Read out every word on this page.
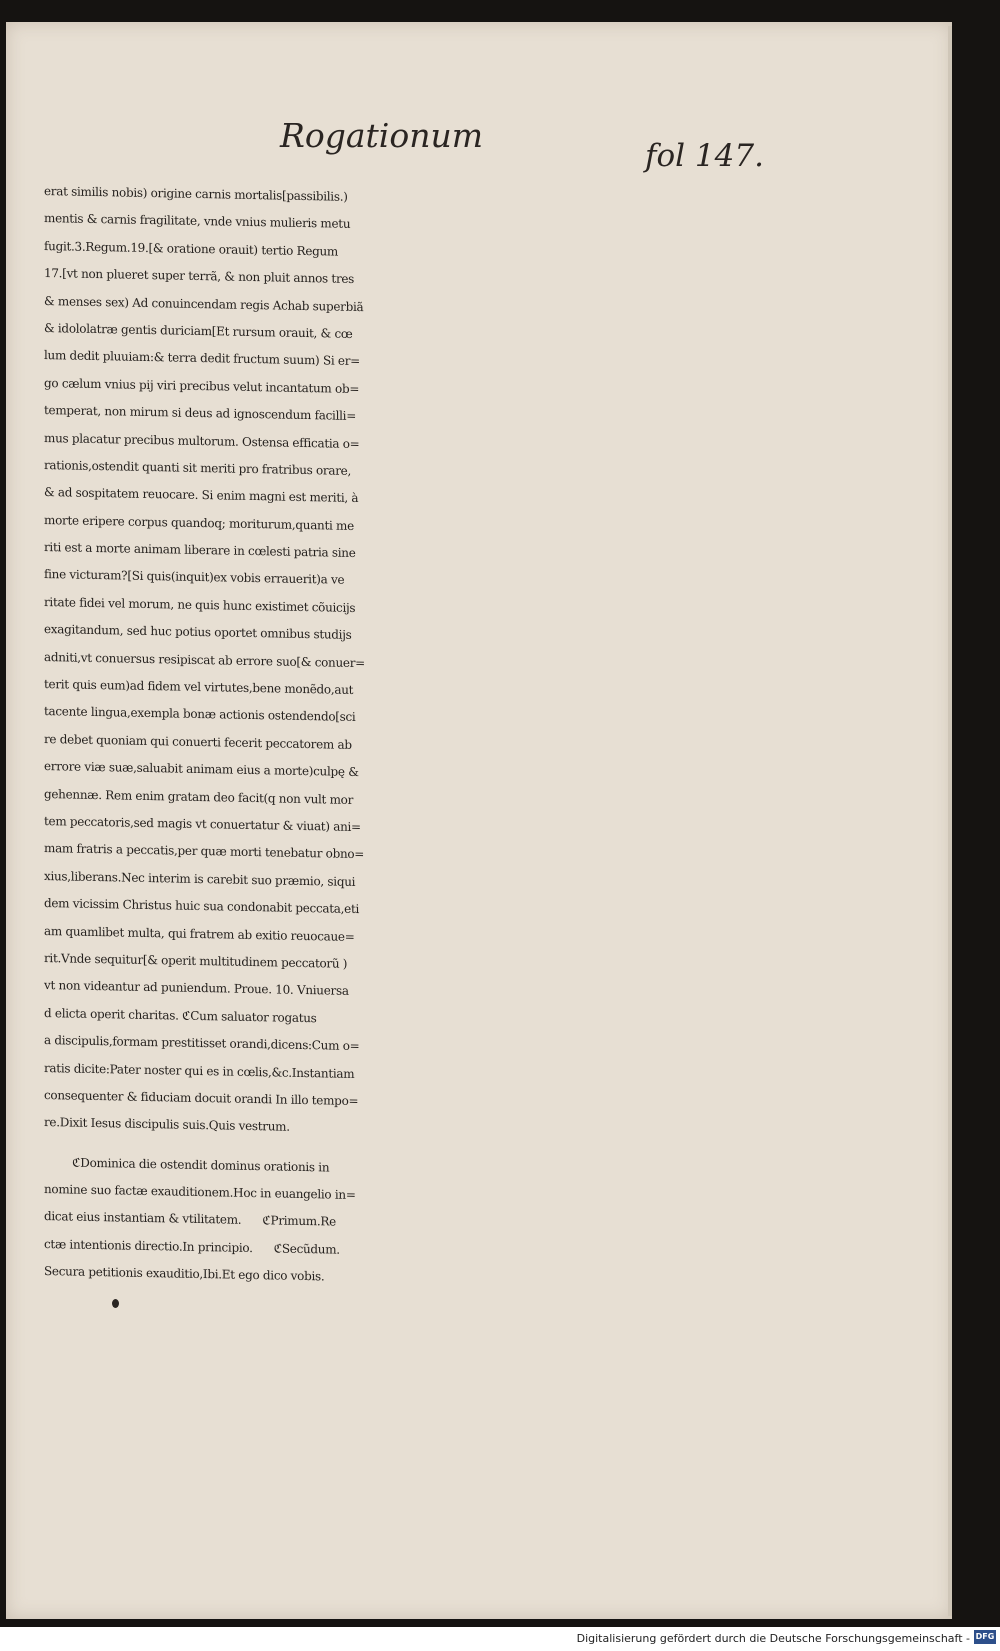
Rogationum
fol 147.
erat similis nobis) origine carnis mortalis[passibilis.)
mentis & carnis fragilitate, vnde vnius mulieris metu
fugit.3.Regum.19.[& oratione orauit) tertio Regum
17.[vt non plueret super terrã, & non pluit annos tres
& menses sex) Ad conuincendam regis Achab superbiã
& idololatræ gentis duriciam[Et rursum orauit, & cœ
lum dedit pluuiam:& terra dedit fructum suum) Si er=
go cælum vnius pij viri precibus velut incantatum ob=
temperat, non mirum si deus ad ignoscendum facilli=
mus placatur precibus multorum. Ostensa efficatia o=
rationis,ostendit quanti sit meriti pro fratribus orare,
& ad sospitatem reuocare. Si enim magni est meriti, à
morte eripere corpus quandoq; moriturum,quanti me
riti est a morte animam liberare in cœlesti patria sine
fine victuram?[Si quis(inquit)ex vobis errauerit)a ve
ritate fidei vel morum, ne quis hunc existimet cõuicijs
exagitandum, sed huc potius oportet omnibus studijs
adniti,vt conuersus resipiscat ab errore suo[& conuer=
terit quis eum)ad fidem vel virtutes,bene monẽdo,aut
tacente lingua,exempla bonæ actionis ostendendo[sci
re debet quoniam qui conuerti fecerit peccatorem ab
errore viæ suæ,saluabit animam eius a morte)culpę &
gehennæ. Rem enim gratam deo facit(q non vult mor
tem peccatoris,sed magis vt conuertatur & viuat) ani=
mam fratris a peccatis,per quæ morti tenebatur obno=
xius,liberans.Nec interim is carebit suo præmio, siqui
dem vicissim Christus huic sua condonabit peccata,eti
am quamlibet multa, qui fratrem ab exitio reuocaue=
rit.Vnde sequitur[& operit multitudinem peccatorũ )
vt non videantur ad puniendum. Proue. 10. Vniuersa
d elicta operit charitas. ℭCum saluator rogatus
a discipulis,formam prestitisset orandi,dicens:Cum o=
ratis dicite:Pater noster qui es in cœlis,&c.Instantiam
consequenter & fiduciam docuit orandi In illo tempo=
re.Dixit Iesus discipulis suis.Quis vestrum.
ℭDominica die ostendit dominus orationis in
nomine suo factæ exauditionem.Hoc in euangelio in=
dicat eius instantiam & vtilitatem.      ℭPrimum.Re
ctæ intentionis directio.In principio.      ℭSecũdum.
Secura petitionis exauditio,Ibi.Et ego dico vobis.
Digitalisierung gefördert durch die Deutsche Forschungsgemeinschaft - DFG
